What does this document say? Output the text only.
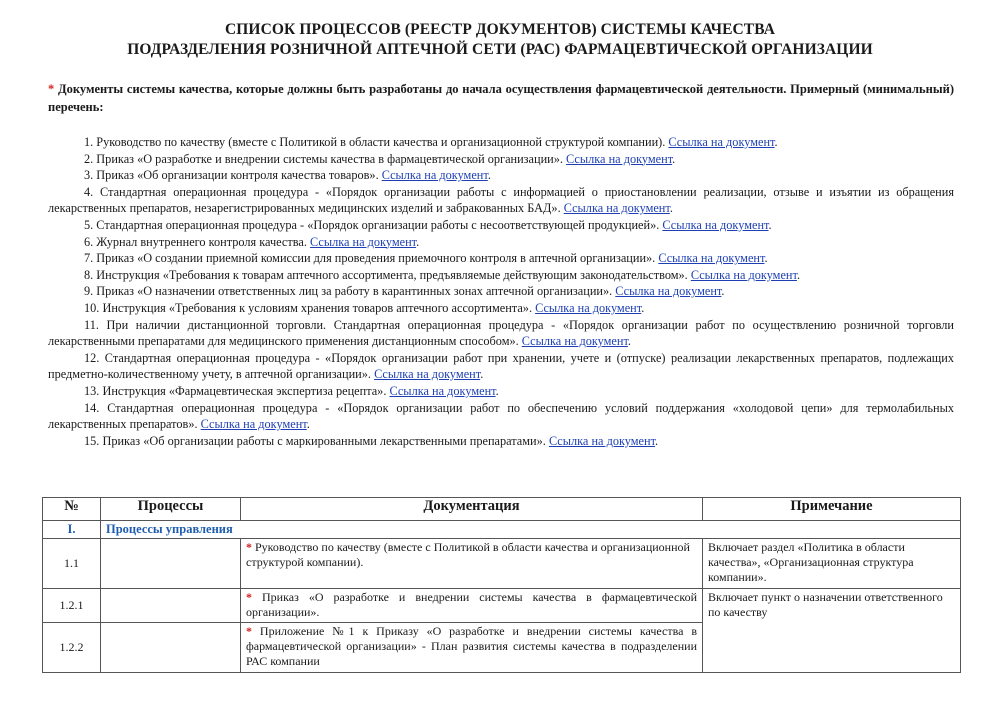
СПИСОК ПРОЦЕССОВ (РЕЕСТР ДОКУМЕНТОВ) СИСТЕМЫ КАЧЕСТВА
ПОДРАЗДЕЛЕНИЯ РОЗНИЧНОЙ АПТЕЧНОЙ СЕТИ (РАС) ФАРМАЦЕВТИЧЕСКОЙ ОРГАНИЗАЦИИ
* Документы системы качества, которые должны быть разработаны до начала осуществления фармацевтической деятельности. Примерный (минимальный) перечень:

1. Руководство по качеству (вместе с Политикой в области качества и организационной структурой компании). Ссылка на документ.

2. Приказ «О разработке и внедрении системы качества в фармацевтической организации». Ссылка на документ.

3. Приказ «Об организации контроля качества товаров». Ссылка на документ.

4. Стандартная операционная процедура - «Порядок организации работы с информацией о приостановлении реализации, отзыве и изъятии из обращения лекарственных препаратов, незарегистрированных медицинских изделий и забракованных БАД». Ссылка на документ.

5. Стандартная операционная процедура - «Порядок организации работы с несоответствующей продукцией». Ссылка на документ.

6. Журнал внутреннего контроля качества. Ссылка на документ.

7. Приказ «О создании приемной комиссии для проведения приемочного контроля в аптечной организации». Ссылка на документ.

8. Инструкция «Требования к товарам аптечного ассортимента, предъявляемые действующим законодательством». Ссылка на документ.

9. Приказ «О назначении ответственных лиц за работу в карантинных зонах аптечной организации». Ссылка на документ.

10. Инструкция «Требования к условиям хранения товаров аптечного ассортимента». Ссылка на документ.

11. При наличии дистанционной торговли. Стандартная операционная процедура - «Порядок организации работ по осуществлению розничной торговли лекарственными препаратами для медицинского применения дистанционным способом». Ссылка на документ.

12. Стандартная операционная процедура - «Порядок организации работ при хранении, учете и (отпуске) реализации лекарственных препаратов, подлежащих предметно-количественному учету, в аптечной организации». Ссылка на документ.

13. Инструкция «Фармацевтическая экспертиза рецепта». Ссылка на документ.

14. Стандартная операционная процедура - «Порядок организации работ по обеспечению условий поддержания «холодовой цепи» для термолабильных лекарственных препаратов». Ссылка на документ.

15. Приказ «Об организации работы с маркированными лекарственными препаратами». Ссылка на документ.

№	Процессы	Документация	Примечание
I.	Процессы управления		
1.1		* Руководство по качеству (вместе с Политикой в области качества и организационной структурой компании).	Включает раздел «Политика в области качества», «Организационная структура компании».
1.2.1		* Приказ «О разработке и внедрении системы качества в фармацевтической организации».	Включает пункт о назначении ответственного по качеству
1.2.2		* Приложение №1 к Приказу «О разработке и внедрении системы качества в фармацевтической организации» - План развития системы качества в подразделении РАС компании	
